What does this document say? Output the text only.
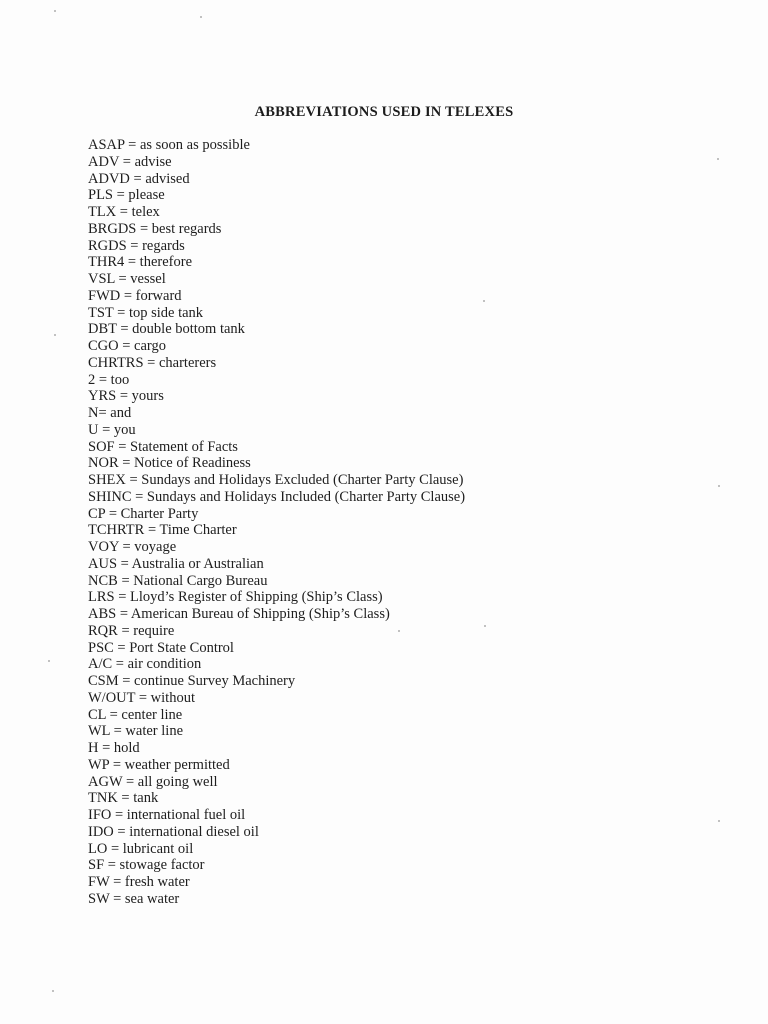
ABBREVIATIONS USED IN TELEXES
ASAP = as soon as possible
ADV = advise
ADVD = advised
PLS = please
TLX = telex
BRGDS = best regards
RGDS = regards
THR4 = therefore
VSL = vessel
FWD = forward
TST = top side tank
DBT = double bottom tank
CGO = cargo
CHRTRS = charterers
2 = too
YRS = yours
N= and
U = you
SOF = Statement of Facts
NOR = Notice of Readiness
SHEX = Sundays and Holidays Excluded (Charter Party Clause)
SHINC = Sundays and Holidays Included (Charter Party Clause)
CP = Charter Party
TCHRTR = Time Charter
VOY = voyage
AUS = Australia or Australian
NCB = National Cargo Bureau
LRS = Lloyd’s Register of Shipping (Ship’s Class)
ABS = American Bureau of Shipping (Ship’s Class)
RQR = require
PSC = Port State Control
A/C = air condition
CSM = continue Survey Machinery
W/OUT = without
CL = center line
WL = water line
H = hold
WP = weather permitted
AGW = all going well
TNK = tank
IFO = international fuel oil
IDO = international diesel oil
LO = lubricant oil
SF = stowage factor
FW = fresh water
SW = sea water
